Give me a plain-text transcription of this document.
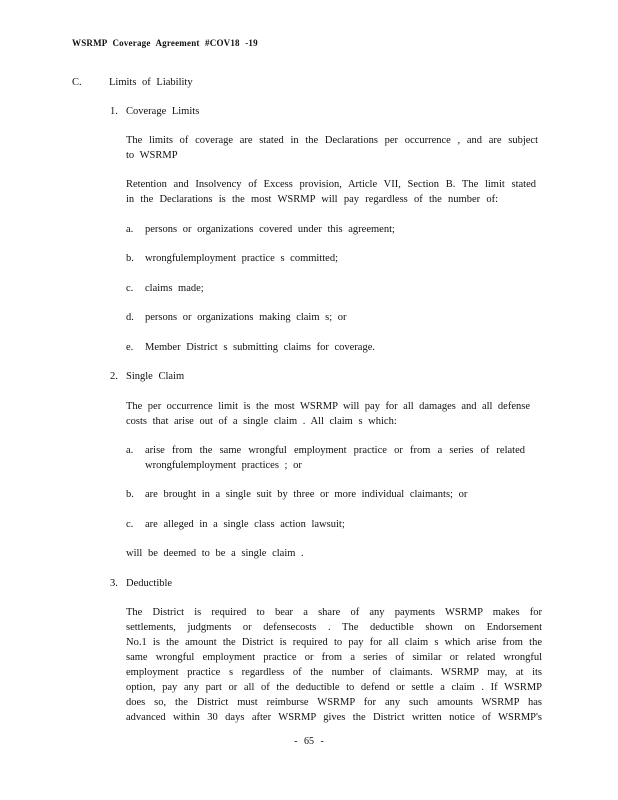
WSRMP Coverage Agreement #COV18 -19
C.	Limits of Liability
1. Coverage Limits
The limits of coverage are stated in the Declarations per occurrence , and are subject
to WSRMP
Retention and Insolvency of Excess provision, Article VII, Section B. The limit stated
in the Declarations is the most WSRMP will pay regardless of the number of:
a. persons or organizations covered under this agreement;
b. wrongfulemployment practice s committed;
c. claims made;
d. persons or organizations making claim s; or
e. Member District s submitting claims for coverage.
2. Single Claim
The per occurrence limit is the most WSRMP will pay for all damages and all defense
costs that arise out of a single claim . All claim s which:
a. arise from the same wrongful employment practice or from a series of related
wrongfulemployment practices ; or
b. are brought in a single suit by three or more individual claimants; or
c. are alleged in a single class action lawsuit;
will be deemed to be a single claim .
3. Deductible
The District is required to bear a share of any payments WSRMP makes for
settlements, judgments or defensecosts . The deductible shown on Endorsement
No.1 is the amount the District is required to pay for all claim s which arise from the
same wrongful employment practice or from a series of similar or related wrongful
employment practice s regardless of the number of claimants. WSRMP may, at its
option, pay any part or all of the deductible to defend or settle a claim . If WSRMP
does so, the District must reimburse WSRMP for any such amounts WSRMP has
advanced within 30 days after WSRMP gives the District written notice of WSRMP's
- 65 -
